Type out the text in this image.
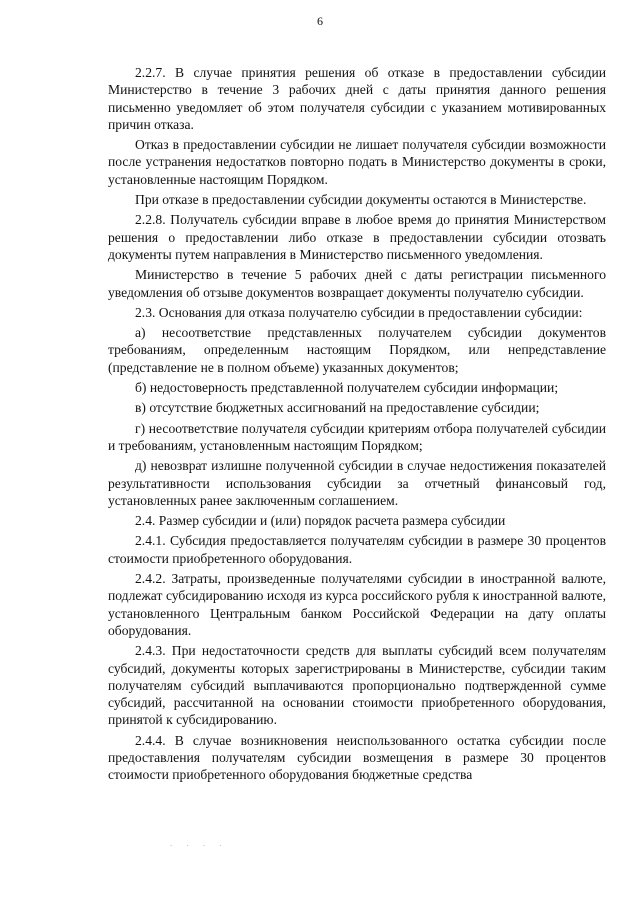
6

2.2.7. В случае принятия решения об отказе в предоставлении субсидии Министерство в течение 3 рабочих дней с даты принятия данного решения письменно уведомляет об этом получателя субсидии с указанием мотивированных причин отказа.

Отказ в предоставлении субсидии не лишает получателя субсидии возможности после устранения недостатков повторно подать в Министерство документы в сроки, установленные настоящим Порядком.

При отказе в предоставлении субсидии документы остаются в Министерстве.

2.2.8. Получатель субсидии вправе в любое время до принятия Министерством решения о предоставлении либо отказе в предоставлении субсидии отозвать документы путем направления в Министерство письменного уведомления.

Министерство в течение 5 рабочих дней с даты регистрации письменного уведомления об отзыве документов возвращает документы получателю субсидии.

2.3. Основания для отказа получателю субсидии в предоставлении субсидии:

а) несоответствие представленных получателем субсидии документов требованиям, определенным настоящим Порядком, или непредставление (представление не в полном объеме) указанных документов;

б) недостоверность представленной получателем субсидии информации;

в) отсутствие бюджетных ассигнований на предоставление субсидии;

г) несоответствие получателя субсидии критериям отбора получателей субсидии и требованиям, установленным настоящим Порядком;

д) невозврат излишне полученной субсидии в случае недостижения показателей результативности использования субсидии за отчетный финансовый год, установленных ранее заключенным соглашением.

2.4. Размер субсидии и (или) порядок расчета размера субсидии

2.4.1. Субсидия предоставляется получателям субсидии в размере 30 процентов стоимости приобретенного оборудования.

2.4.2. Затраты, произведенные получателями субсидии в иностранной валюте, подлежат субсидированию исходя из курса российского рубля к иностранной валюте, установленного Центральным банком Российской Федерации на дату оплаты оборудования.

2.4.3. При недостаточности средств для выплаты субсидий всем получателям субсидий, документы которых зарегистрированы в Министерстве, субсидии таким получателям субсидий выплачиваются пропорционально подтвержденной сумме субсидий, рассчитанной на основании стоимости приобретенного оборудования, принятой к субсидированию.

2.4.4. В случае возникновения неиспользованного остатка субсидии после предоставления получателям субсидии возмещения в размере 30 процентов стоимости приобретенного оборудования бюджетные средства

. . . .
